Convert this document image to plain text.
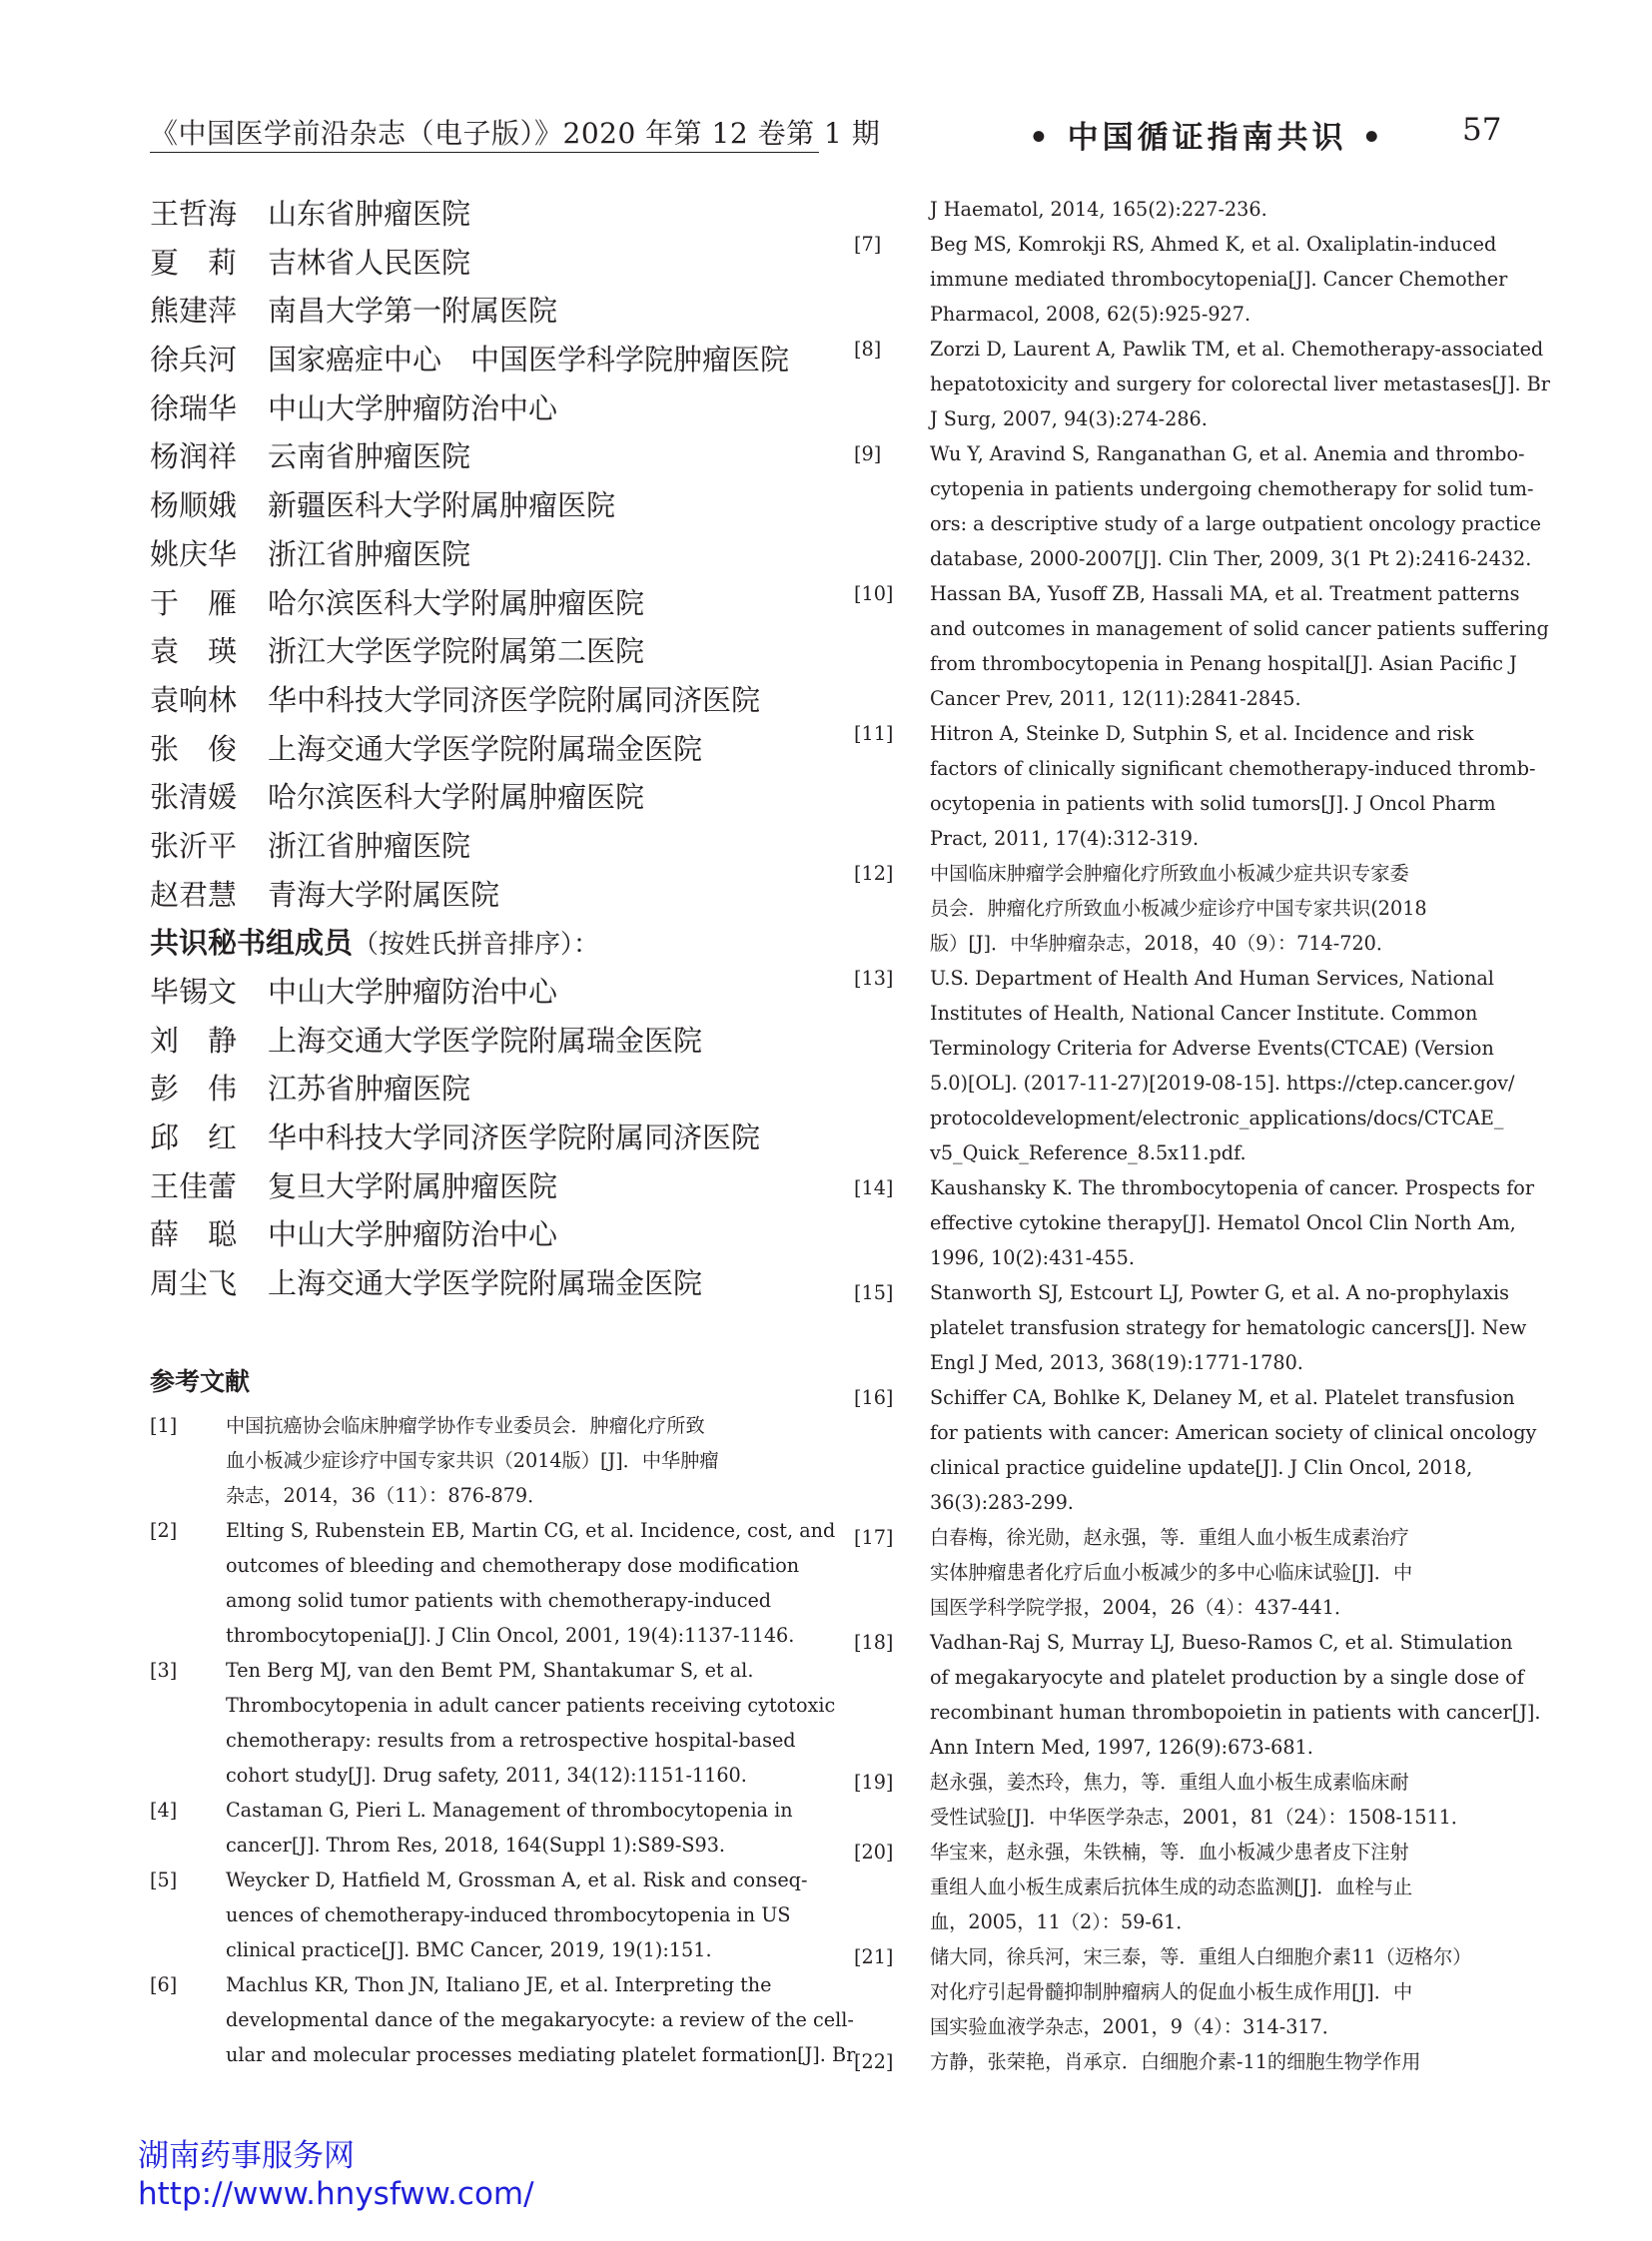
《中国医学前沿杂志（电子版）》2020 年第 12 卷第 1 期	• 中国循证指南共识 • 57
王哲海 山东省肿瘤医院
夏　莉 吉林省人民医院
熊建萍 南昌大学第一附属医院
徐兵河 国家癌症中心　中国医学科学院肿瘤医院
徐瑞华 中山大学肿瘤防治中心
杨润祥 云南省肿瘤医院
杨顺娥 新疆医科大学附属肿瘤医院
姚庆华 浙江省肿瘤医院
于　雁 哈尔滨医科大学附属肿瘤医院
袁　瑛 浙江大学医学院附属第二医院
袁响林 华中科技大学同济医学院附属同济医院
张　俊 上海交通大学医学院附属瑞金医院
张清媛 哈尔滨医科大学附属肿瘤医院
张沂平 浙江省肿瘤医院
赵君慧 青海大学附属医院
共识秘书组成员（按姓氏拼音排序）：
毕锡文 中山大学肿瘤防治中心
刘　静 上海交通大学医学院附属瑞金医院
彭　伟 江苏省肿瘤医院
邱　红 华中科技大学同济医学院附属同济医院
王佳蕾 复旦大学附属肿瘤医院
薛　聪 中山大学肿瘤防治中心
周尘飞 上海交通大学医学院附属瑞金医院
参考文献
[1]	中国抗癌协会临床肿瘤学协作专业委员会．肿瘤化疗所致
血小板减少症诊疗中国专家共识（2014版）[J]．中华肿瘤
杂志，2014，36（11）：876-879．
[2]	Elting S, Rubenstein EB, Martin CG, et al. Incidence, cost, and
outcomes of bleeding and chemotherapy dose modification
among solid tumor patients with chemotherapy-induced
thrombocytopenia[J]. J Clin Oncol, 2001, 19(4):1137-1146.
[3]	Ten Berg MJ, van den Bemt PM, Shantakumar S, et al.
Thrombocytopenia in adult cancer patients receiving cytotoxic
chemotherapy: results from a retrospective hospital-based
cohort study[J]. Drug safety, 2011, 34(12):1151-1160.
[4]	Castaman G, Pieri L. Management of thrombocytopenia in
cancer[J]. Throm Res, 2018, 164(Suppl 1):S89-S93.
[5]	Weycker D, Hatfield M, Grossman A, et al. Risk and conseq-
uences of chemotherapy-induced thrombocytopenia in US
clinical practice[J]. BMC Cancer, 2019, 19(1):151.
[6]	Machlus KR, Thon JN, Italiano JE, et al. Interpreting the
developmental dance of the megakaryocyte: a review of the cell-
ular and molecular processes mediating platelet formation[J]. Br
J Haematol, 2014, 165(2):227-236.
[7]	Beg MS, Komrokji RS, Ahmed K, et al. Oxaliplatin-induced
immune mediated thrombocytopenia[J]. Cancer Chemother
Pharmacol, 2008, 62(5):925-927.
[8]	Zorzi D, Laurent A, Pawlik TM, et al. Chemotherapy-associated
hepatotoxicity and surgery for colorectal liver metastases[J]. Br
J Surg, 2007, 94(3):274-286.
[9]	Wu Y, Aravind S, Ranganathan G, et al. Anemia and thrombo-
cytopenia in patients undergoing chemotherapy for solid tum-
ors: a descriptive study of a large outpatient oncology practice
database, 2000-2007[J]. Clin Ther, 2009, 3(1 Pt 2):2416-2432.
[10]	Hassan BA, Yusoff ZB, Hassali MA, et al. Treatment patterns
and outcomes in management of solid cancer patients suffering
from thrombocytopenia in Penang hospital[J]. Asian Pacific J
Cancer Prev, 2011, 12(11):2841-2845.
[11]	Hitron A, Steinke D, Sutphin S, et al. Incidence and risk
factors of clinically significant chemotherapy-induced thromb-
ocytopenia in patients with solid tumors[J]. J Oncol Pharm
Pract, 2011, 17(4):312-319.
[12]	中国临床肿瘤学会肿瘤化疗所致血小板减少症共识专家委
员会．肿瘤化疗所致血小板减少症诊疗中国专家共识(2018
版）[J]．中华肿瘤杂志，2018，40（9）：714-720．
[13]	U.S. Department of Health And Human Services, National
Institutes of Health, National Cancer Institute. Common
Terminology Criteria for Adverse Events(CTCAE) (Version
5.0)[OL]. (2017-11-27)[2019-08-15]. https://ctep.cancer.gov/
protocoldevelopment/electronic_applications/docs/CTCAE_
v5_Quick_Reference_8.5x11.pdf.
[14]	Kaushansky K. The thrombocytopenia of cancer. Prospects for
effective cytokine therapy[J]. Hematol Oncol Clin North Am,
1996, 10(2):431-455.
[15]	Stanworth SJ, Estcourt LJ, Powter G, et al. A no-prophylaxis
platelet transfusion strategy for hematologic cancers[J]. New
Engl J Med, 2013, 368(19):1771-1780.
[16]	Schiffer CA, Bohlke K, Delaney M, et al. Platelet transfusion
for patients with cancer: American society of clinical oncology
clinical practice guideline update[J]. J Clin Oncol, 2018,
36(3):283-299.
[17]	白春梅，徐光勋，赵永强，等．重组人血小板生成素治疗
实体肿瘤患者化疗后血小板减少的多中心临床试验[J]．中
国医学科学院学报，2004，26（4）：437-441．
[18]	Vadhan-Raj S, Murray LJ, Bueso-Ramos C, et al. Stimulation
of megakaryocyte and platelet production by a single dose of
recombinant human thrombopoietin in patients with cancer[J].
Ann Intern Med, 1997, 126(9):673-681.
[19]	赵永强，姜杰玲，焦力，等．重组人血小板生成素临床耐
受性试验[J]．中华医学杂志，2001，81（24）：1508-1511．
[20]	华宝来，赵永强，朱铁楠，等．血小板减少患者皮下注射
重组人血小板生成素后抗体生成的动态监测[J]．血栓与止
血，2005，11（2）：59-61．
[21]	储大同，徐兵河，宋三泰，等．重组人白细胞介素11（迈格尔）
对化疗引起骨髓抑制肿瘤病人的促血小板生成作用[J]．中
国实验血液学杂志，2001，9（4）：314-317．
[22]	方静，张荣艳，肖承京．白细胞介素-11的细胞生物学作用
湖南药事服务网
http://www.hnysfww.com/
